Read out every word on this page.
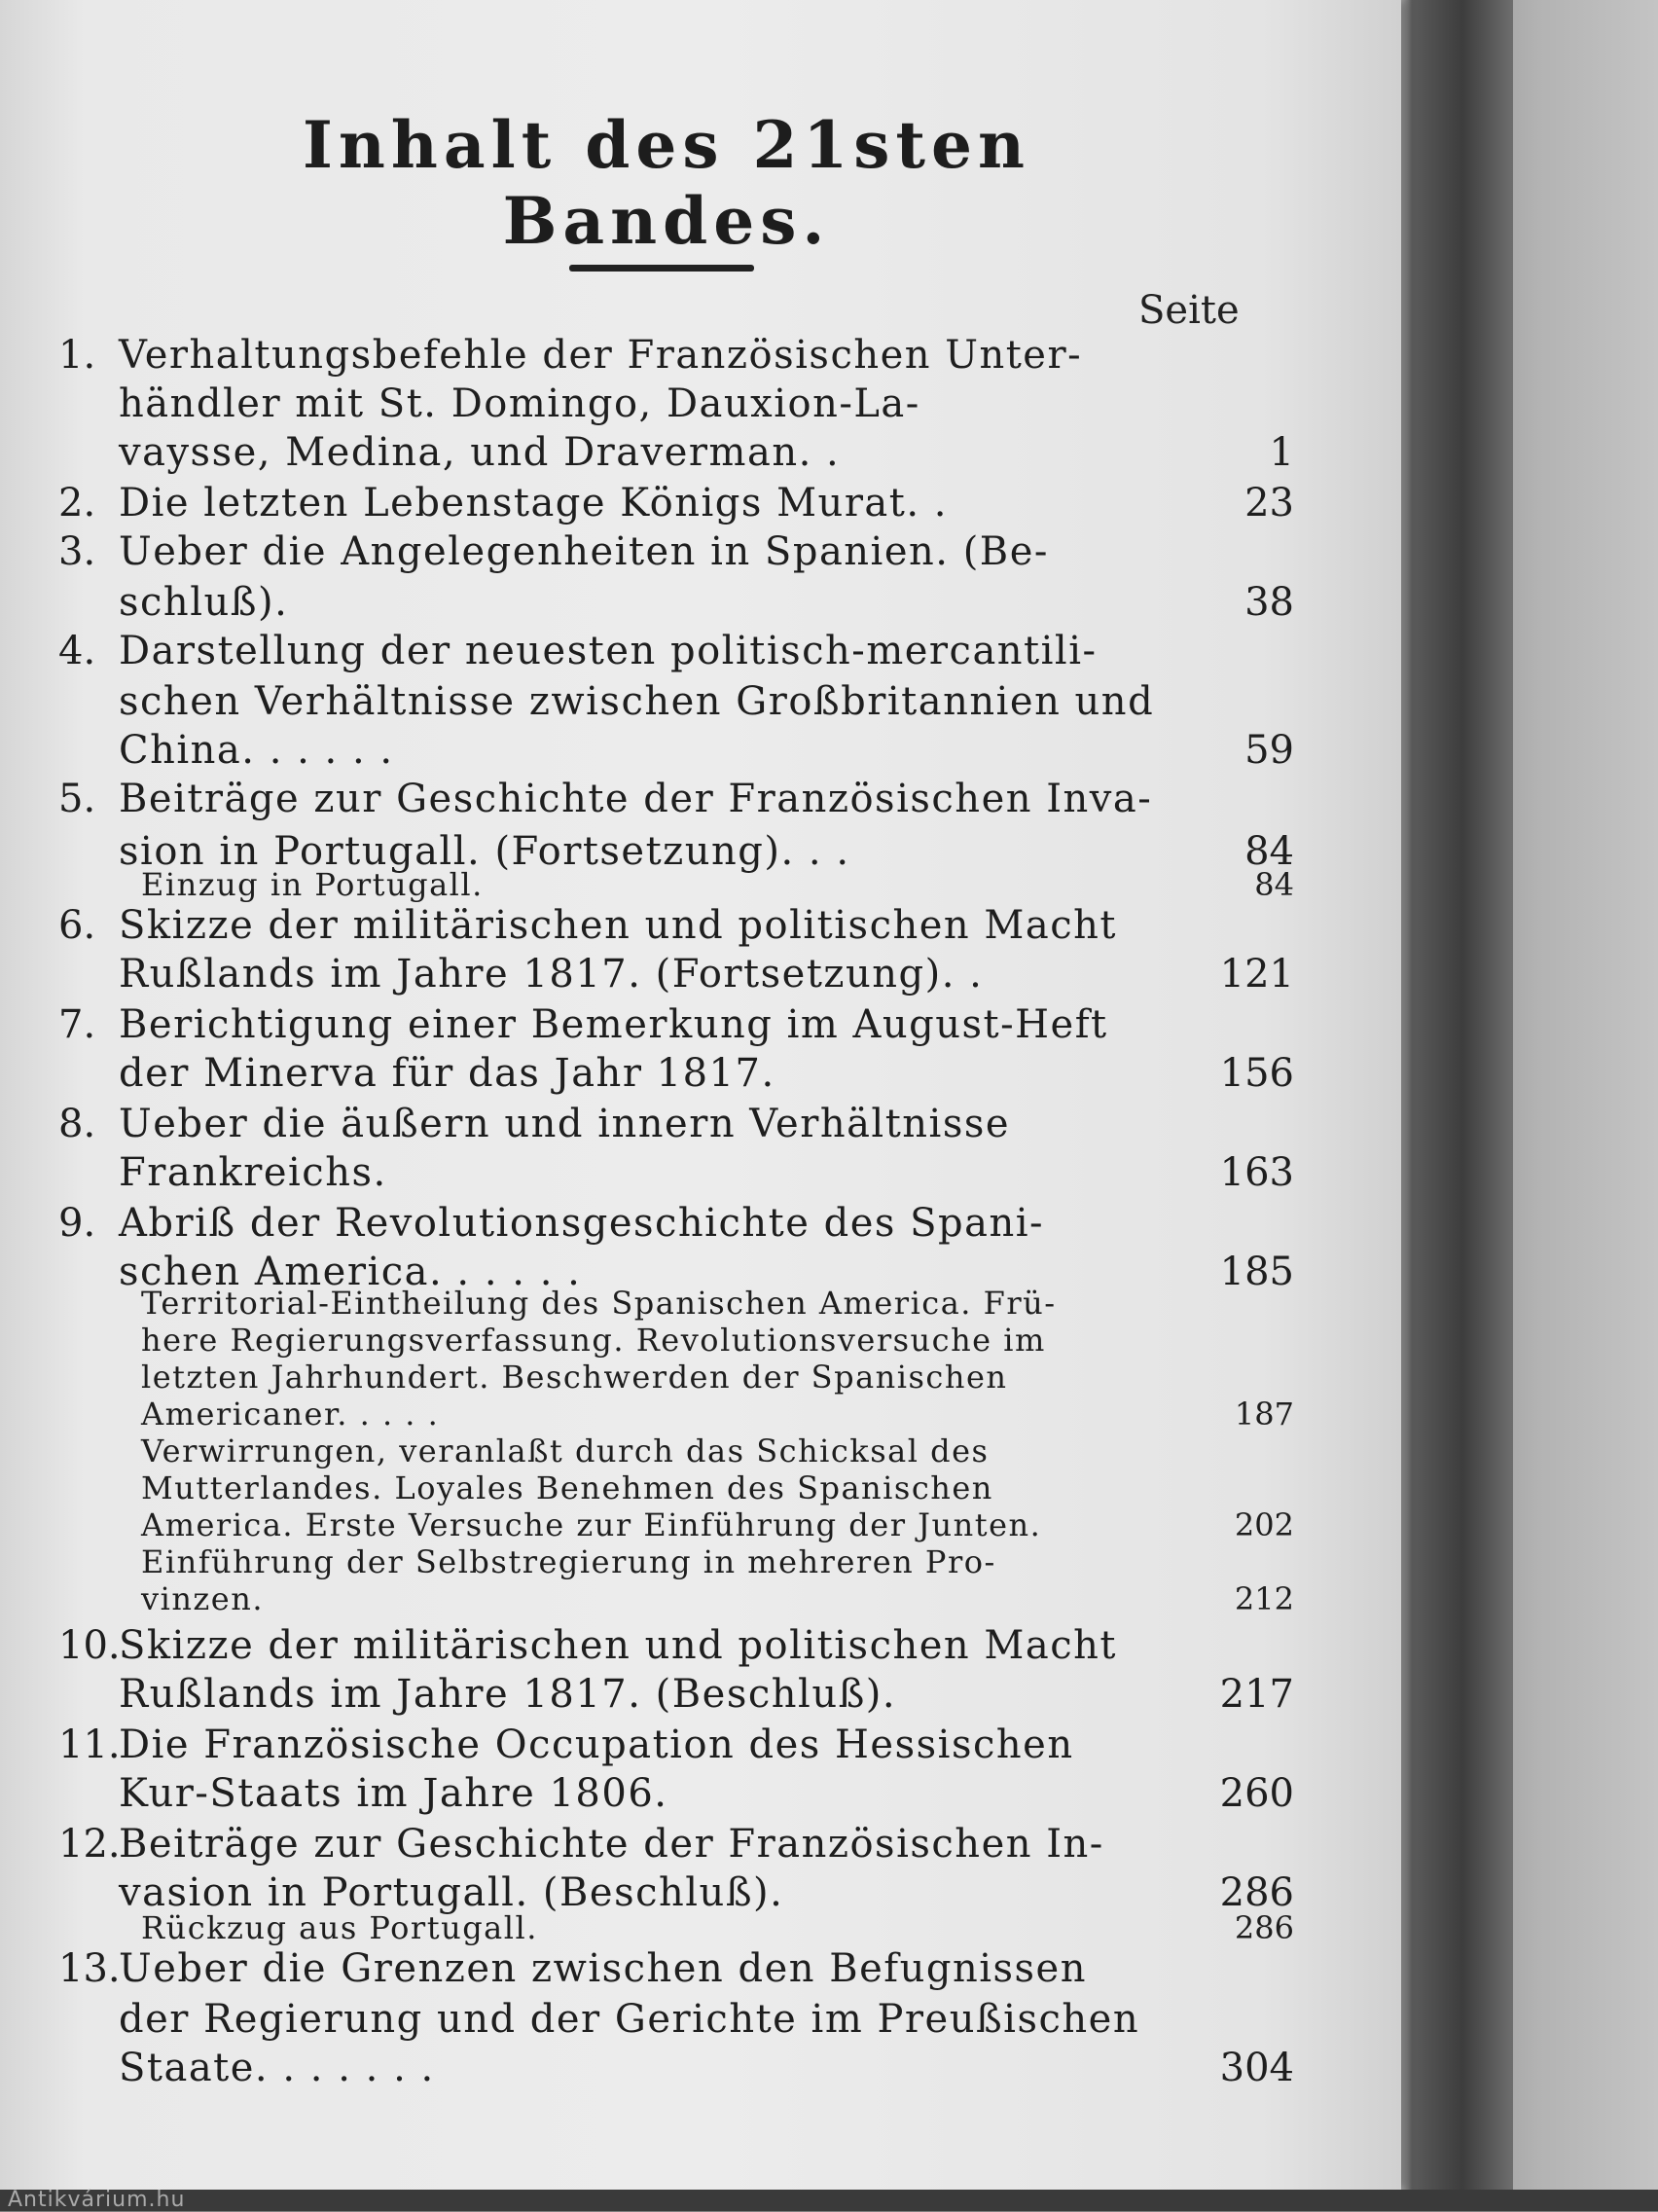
Inhalt des 21sten Bandes.
Seite
1. Verhaltungsbefehle der Französischen Unter-
händler mit St. Domingo, Dauxion-La-
vaysse, Medina, und Draverman. .	1
2. Die letzten Lebenstage Königs Murat. .	23
3. Ueber die Angelegenheiten in Spanien. (Be-
schluß).	38
4. Darstellung der neuesten politisch-mercantili-
schen Verhältnisse zwischen Großbritannien und
China. . . . . .	59
5. Beiträge zur Geschichte der Französischen Inva-
sion in Portugall. (Fortsetzung). . .	84
Einzug in Portugall.	84
6. Skizze der militärischen und politischen Macht
Rußlands im Jahre 1817. (Fortsetzung). .	121
7. Berichtigung einer Bemerkung im August-Heft
der Minerva für das Jahr 1817.	156
8. Ueber die äußern und innern Verhältnisse
Frankreichs.	163
9. Abriß der Revolutionsgeschichte des Spani-
schen America. . . . . .	185
Territorial-Eintheilung des Spanischen America. Frü-
here Regierungsverfassung. Revolutionsversuche im
letzten Jahrhundert. Beschwerden der Spanischen
Americaner. . . . .	187
Verwirrungen, veranlaßt durch das Schicksal des
Mutterlandes. Loyales Benehmen des Spanischen
America. Erste Versuche zur Einführung der Junten.	202
Einführung der Selbstregierung in mehreren Pro-
vinzen.	212
10.
Skizze der militärischen und politischen Macht
Rußlands im Jahre 1817. (Beschluß).	217
11.
Die Französische Occupation des Hessischen
Kur-Staats im Jahre 1806.	260
12.
Beiträge zur Geschichte der Französischen In-
vasion in Portugall. (Beschluß).	286
Rückzug aus Portugall.	286
13.
Ueber die Grenzen zwischen den Befugnissen
der Regierung und der Gerichte im Preußischen
Staate. . . . . . .	304
Antikvárium.hu
